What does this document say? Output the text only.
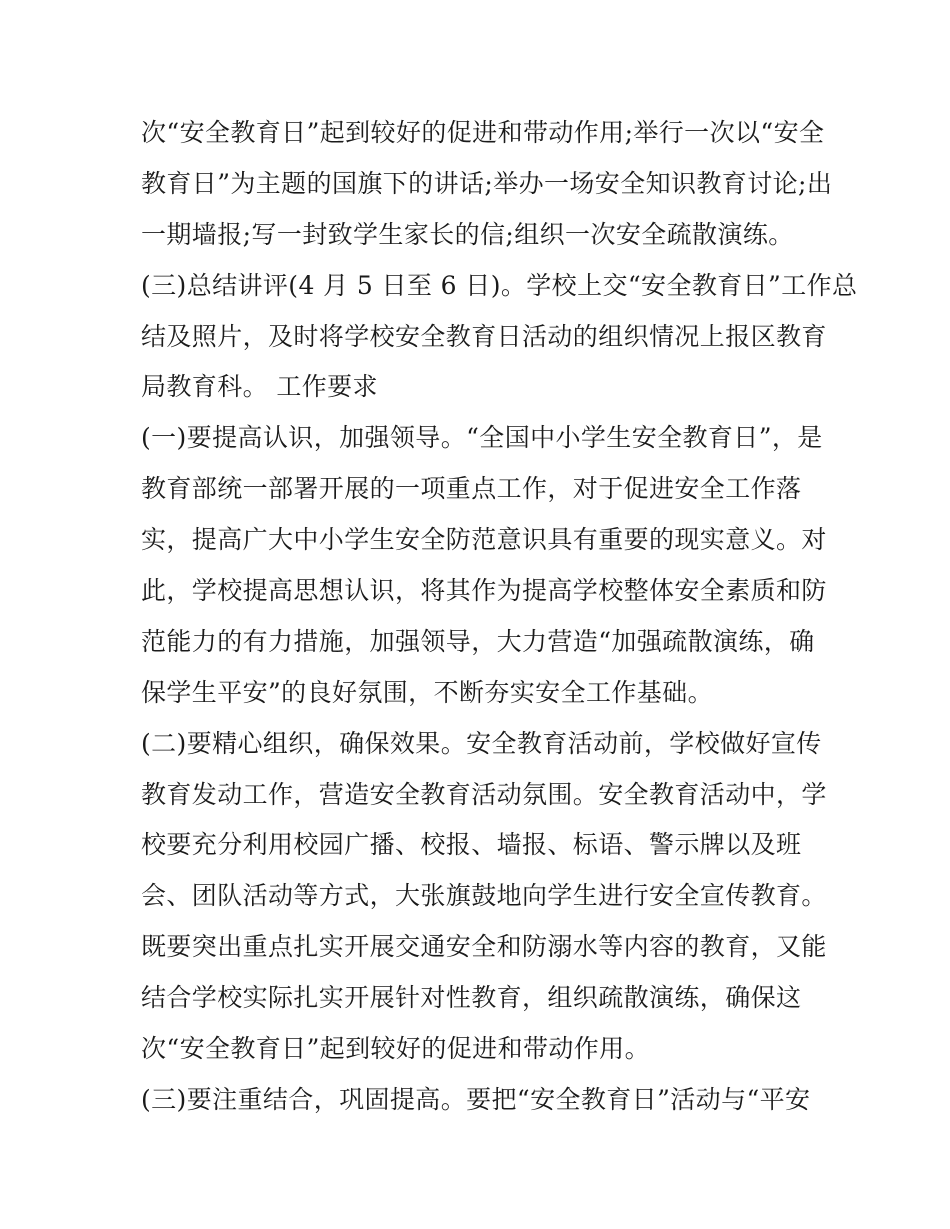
次“安全教育日”起到较好的促进和带动作用;举行一次以“安全
教育日”为主题的国旗下的讲话;举办一场安全知识教育讨论;出
一期墙报;写一封致学生家长的信;组织一次安全疏散演练。
(三)总结讲评(4 月 5 日至 6 日)。学校上交“安全教育日”工作总
结及照片，及时将学校安全教育日活动的组织情况上报区教育
局教育科。 工作要求
(一)要提高认识，加强领导。“全国中小学生安全教育日”，是
教育部统一部署开展的一项重点工作，对于促进安全工作落
实，提高广大中小学生安全防范意识具有重要的现实意义。对
此，学校提高思想认识，将其作为提高学校整体安全素质和防
范能力的有力措施，加强领导，大力营造“加强疏散演练，确
保学生平安”的良好氛围，不断夯实安全工作基础。
(二)要精心组织，确保效果。安全教育活动前，学校做好宣传
教育发动工作，营造安全教育活动氛围。安全教育活动中，学
校要充分利用校园广播、校报、墙报、标语、警示牌以及班
会、团队活动等方式，大张旗鼓地向学生进行安全宣传教育。
既要突出重点扎实开展交通安全和防溺水等内容的教育，又能
结合学校实际扎实开展针对性教育，组织疏散演练，确保这
次“安全教育日”起到较好的促进和带动作用。
(三)要注重结合，巩固提高。要把“安全教育日”活动与“平安
